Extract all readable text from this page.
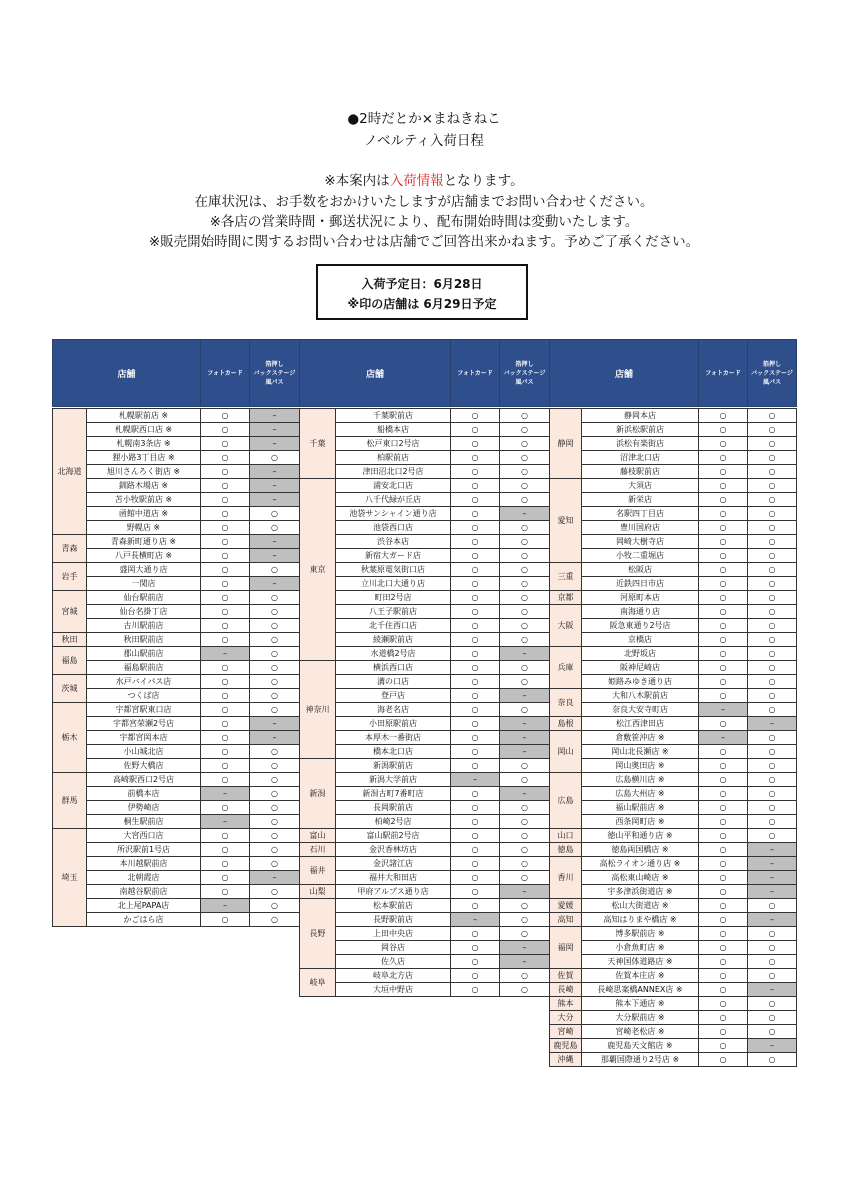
●2時だとか×まねきねこ
ノベルティ入荷日程
※本案内は入荷情報となります。
在庫状況は、お手数をおかけいたしますが店舗までお問い合わせください。
※各店の営業時間・郵送状況により、配布開始時間は変動いたします。
※販売開始時間に関するお問い合わせは店舗でご回答出来かねます。予めご了承ください。
入荷予定日：6月28日
※印の店舗は 6月29日予定
店舗		フォトカード	箔押し
バックステージ
風パス

北海道	札幌駅前店 ※	○	–
	札幌駅西口店 ※	○	–
	札幌南3条店 ※	○	–
	狸小路3丁目店 ※	○	○
	旭川さんろく街店 ※	○	–
	釧路木場店 ※	○	–
	苫小牧駅前店 ※	○	–
	函館中道店 ※	○	○
	野幌店 ※	○	○
青森	青森新町通り店 ※	○	–
	八戸長横町店 ※	○	–
岩手	盛岡大通り店	○	○
	一関店	○	–
宮城	仙台駅前店	○	○
	仙台名掛丁店	○	○
	古川駅前店	○	○
秋田	秋田駅前店	○	○
福島	郡山駅前店	–	○
	福島駅前店	○	○
茨城	水戸バイパス店	○	○
	つくば店	○	○
栃木	宇都宮駅東口店	○	○
	宇都宮荣瀬2号店	○	–
	宇都宮岡本店	○	–
	小山城北店	○	○
	佐野大橋店	○	○
群馬	高崎駅西口2号店	○	○
	前橋本店	–	○
	伊勢崎店	○	○
	桐生駅前店	–	○
埼玉	大宮西口店	○	○
	所沢駅前1号店	○	○
	本川越駅前店	○	○
	北朝霞店	○	–
	南越谷駅前店	○	○
	北上尾PAPA店	–	○
	かごはら店	○	○
店舗		フォトカード	箔押し
バックステージ
風パス

千葉	千葉駅前店	○	○
	船橋本店	○	○
	松戸東口2号店	○	○
	柏駅前店	○	○
	津田沼北口2号店	○	○
東京	浦安北口店	○	○
	八千代緑が丘店	○	○
	池袋サンシャイン通り店	○	–
	池袋西口店	○	○
	渋谷本店	○	○
	新宿大ガード店	○	○
	秋葉原電気街口店	○	○
	立川北口大通り店	○	○
	町田2号店	○	○
	八王子駅前店	○	○
	北千住西口店	○	○
	綾瀬駅前店	○	○
	水道橋2号店	○	–
神奈川	横浜西口店	○	○
	溝の口店	○	○
	登戸店	○	–
	海老名店	○	○
	小田原駅前店	○	–
	本厚木一番街店	○	–
	橋本北口店	○	–
新潟	新潟駅前店	○	○
	新潟大学前店	–	○
	新潟古町7番町店	○	–
	長岡駅前店	○	○
	柏崎2号店	○	○
富山	富山駅前2号店	○	○
石川	金沢香林坊店	○	○
福井	金沢諸江店	○	○
	福井大和田店	○	○
山梨	甲府アルプス通り店	○	–
長野	松本駅前店	○	○
	長野駅前店	–	○
	上田中央店	○	○
	岡谷店	○	–
	佐久店	○	–
岐阜	岐阜北方店	○	○
	大垣中野店	○	○
店舗		フォトカード	箔押し
バックステージ
風パス

静岡	静岡本店	○	○
	新浜松駅前店	○	○
	浜松有楽街店	○	○
	沼津北口店	○	○
	藤枝駅前店	○	○
愛知	大須店	○	○
	新栄店	○	○
	名駅四丁目店	○	○
	豊川国府店	○	○
	岡崎大樹寺店	○	○
	小牧二重堀店	○	○
三重	松阪店	○	○
	近鉄四日市店	○	○
京都	河原町本店	○	○
大阪	南海通り店	○	○
	阪急東通り2号店	○	○
	京橋店	○	○
兵庫	北野坂店	○	○
	阪神尼崎店	○	○
	姫路みゆき通り店	○	○
奈良	大和八木駅前店	○	○
	奈良大安寺町店	–	○
島根	松江西津田店	○	–
岡山	倉敷笹沖店 ※	–	○
	岡山北長瀬店 ※	○	○
	岡山奥田店 ※	○	○
広島	広島横川店 ※	○	○
	広島大州店 ※	○	○
	福山駅前店 ※	○	○
	西条岡町店 ※	○	○
山口	徳山平和通り店 ※	○	○
徳島	徳島両国橋店 ※	○	–
香川	高松ライオン通り店 ※	○	–
	高松東山崎店 ※	○	–
	宇多津浜街道店 ※	○	–
愛媛	松山大街道店 ※	○	○
高知	高知はりまや橋店 ※	○	–
福岡	博多駅前店 ※	○	○
	小倉魚町店 ※	○	○
	天神国体道路店 ※	○	○
佐賀	佐賀本庄店 ※	○	○
長崎	長崎思案橋ANNEX店 ※	○	–
熊本	熊本下通店 ※	○	○
大分	大分駅前店 ※	○	○
宮崎	宮崎老松店 ※	○	○
鹿児島	鹿児島天文館店 ※	○	–
沖縄	那覇国際通り2号店 ※	○	○
